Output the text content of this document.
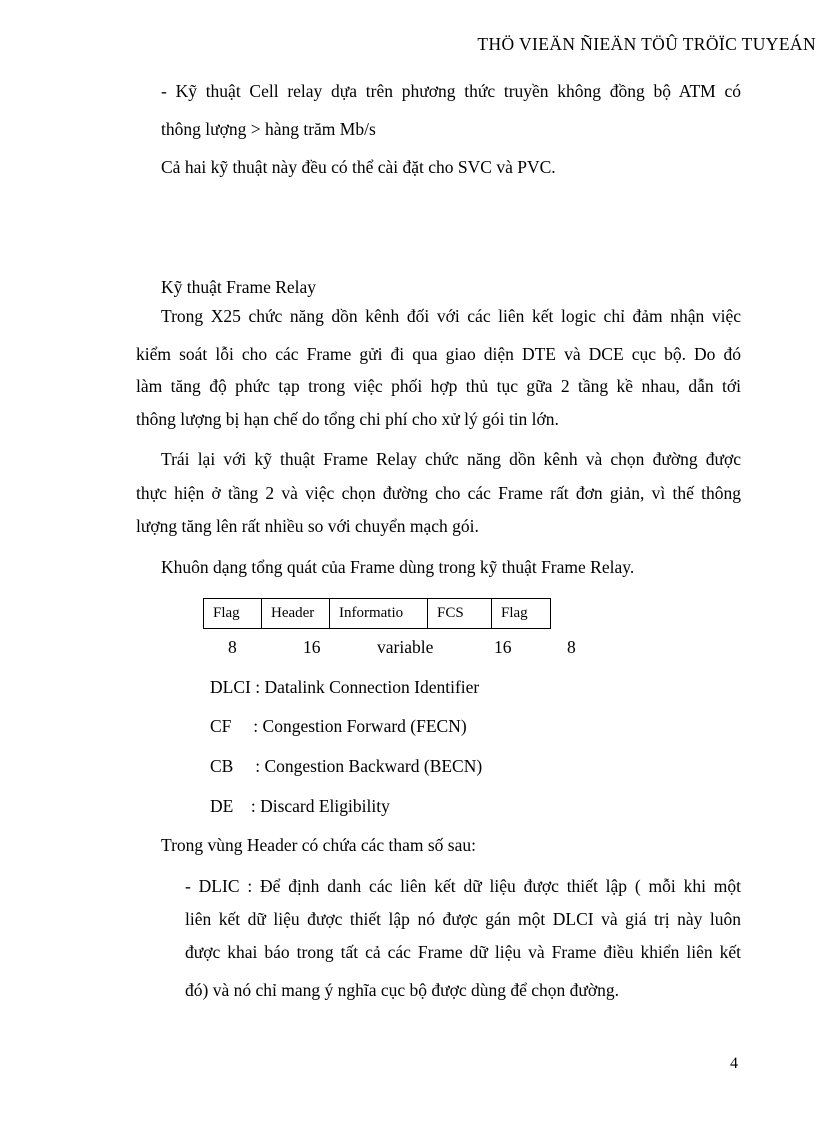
THÖ VIEÄN ÑIEÄN TÖÛ TRÖÏC TUYEÁN
- Kỹ thuật Cell relay dựa trên phương thức truyền không đồng bộ ATM có
thông lượng > hàng trăm Mb/s
Cả hai kỹ thuật này đều có thể cài đặt cho SVC và PVC.
Kỹ thuật Frame Relay
Trong X25 chức năng dồn kênh đối với các liên kết logic chỉ đảm nhận việc
kiểm soát lỗi cho các Frame gửi đi qua giao diện DTE và DCE cục bộ. Do đó
làm tăng độ phức tạp trong việc phối hợp thủ tục gữa 2 tầng kề nhau, dẫn tới
thông lượng bị hạn chế do tổng chi phí cho xử lý gói tin lớn.
Trái lại với kỹ thuật Frame Relay chức năng dồn kênh và chọn đường được
thực hiện ở tầng 2 và việc chọn đường cho các Frame rất đơn giản, vì thế thông
lượng tăng lên rất nhiều so với chuyển mạch gói.
Khuôn dạng tổng quát của Frame dùng trong kỹ thuật Frame Relay.
Flag	Header	Informatio	FCS	Flag
8	16	variable	16	8
DLCI : Datalink Connection Identifier
CF     : Congestion Forward (FECN)
CB     : Congestion Backward (BECN)
DE    : Discard Eligibility
Trong vùng Header có chứa các tham số sau:
- DLIC : Để định danh các liên kết dữ liệu được thiết lập ( mỗi khi một
liên kết dữ liệu được thiết lập nó được gán một DLCI và giá trị này luôn
được khai báo trong tất cả các Frame dữ liệu và Frame điều khiển liên kết
đó) và nó chỉ mang ý nghĩa cục bộ được dùng để chọn đường.
4
